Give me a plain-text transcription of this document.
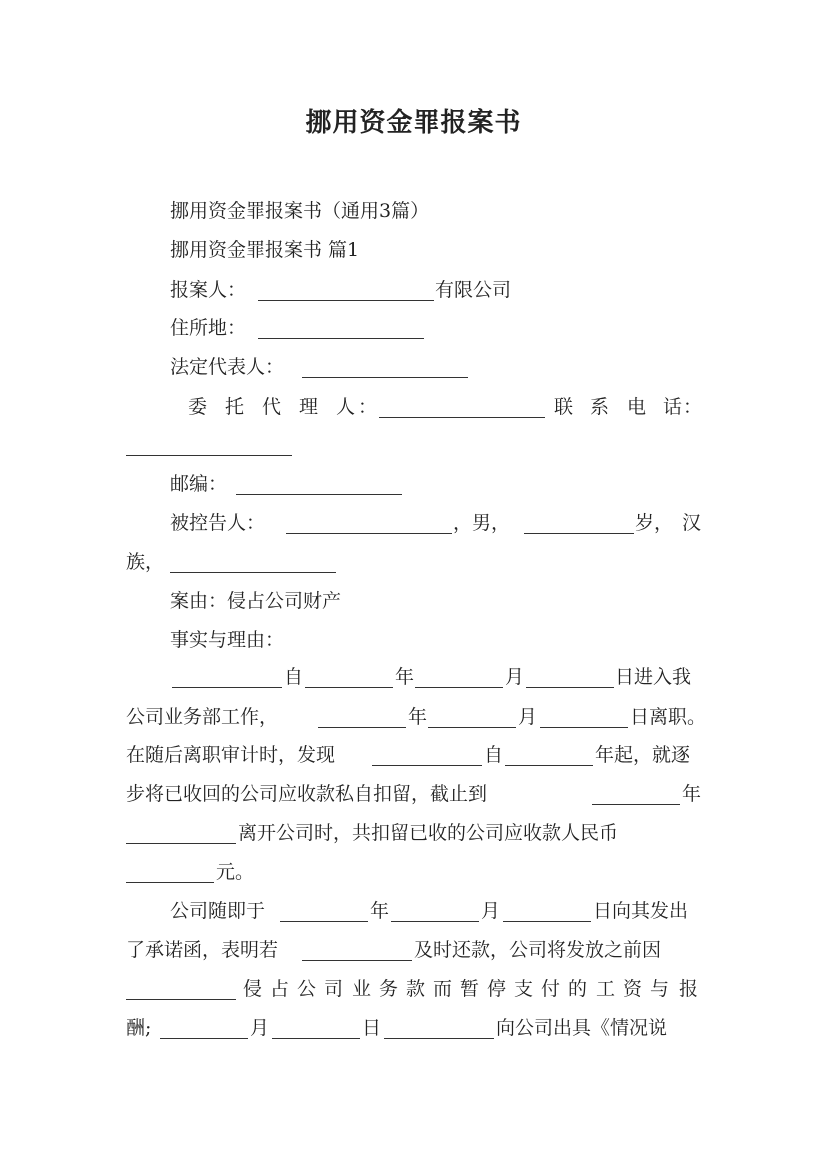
挪用资金罪报案书
挪用资金罪报案书（通用3篇）
挪用资金罪报案书 篇1
报案人：	有限公司
住所地：
法定代表人：
委 托 代 理 人 ：	联 系 电 话 ：
邮编：
被控告人：	，男，	岁， 汉
族，
案由：侵占公司财产
事实与理由：
自	年	月	日进入我
公司业务部工作，	年	月	日离职。
在随后离职审计时，发现	自	年起，就逐
步将已收回的公司应收款私自扣留，截止到	年
离开公司时，共扣留已收的公司应收款人民币
元。
公司随即于	年	月	日向其发出
了承诺函，表明若	及时还款，公司将发放之前因
侵 占 公 司 业 务 款 而 暂 停 支 付 的 工 资 与 报
酬;	月	日	向公司出具《情况说
